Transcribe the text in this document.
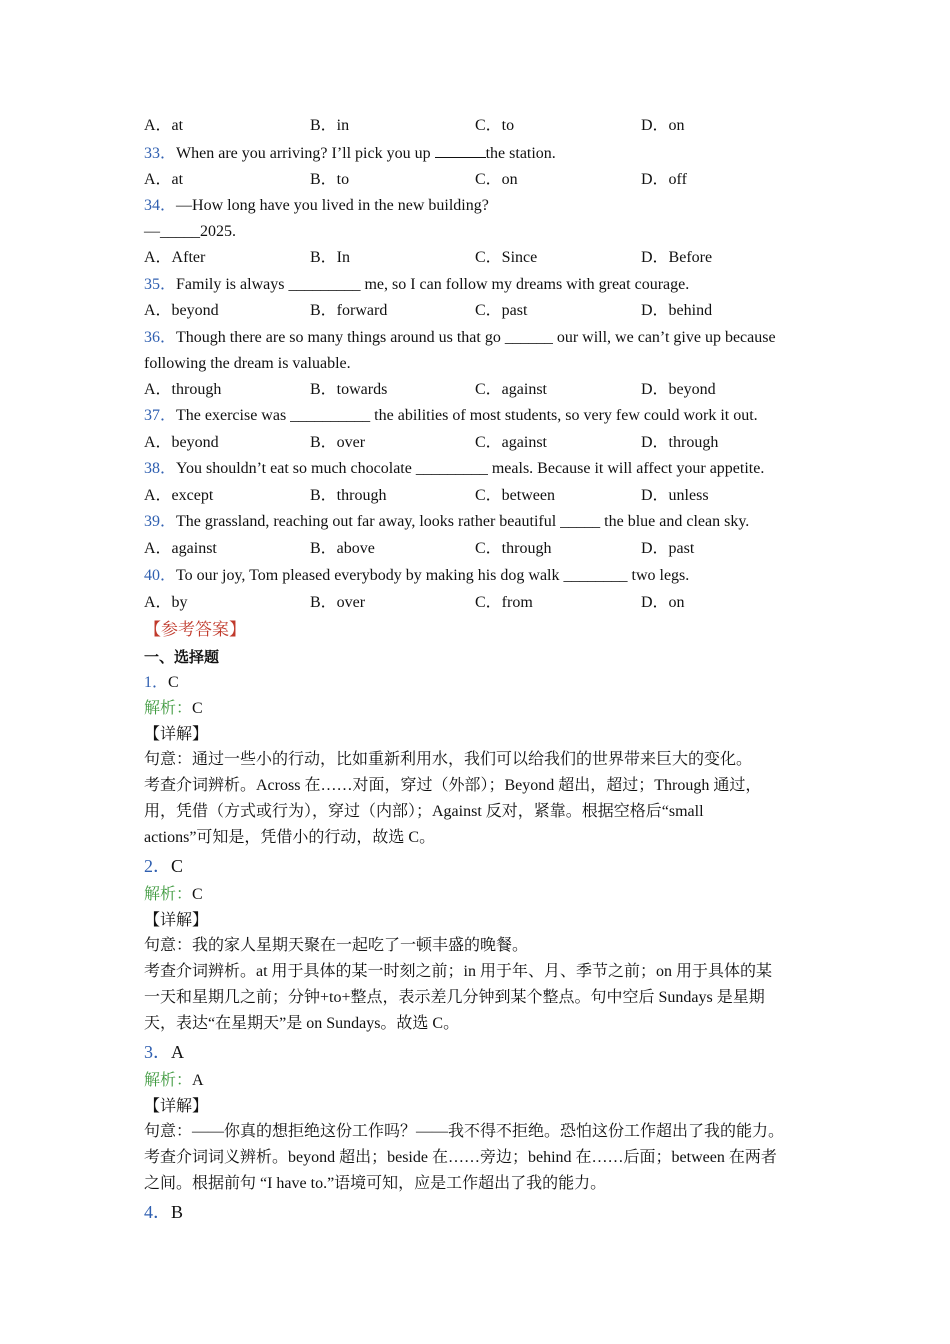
A．at	B．in	C．to	D．on
33．When are you arriving? I’ll pick you up	the station.
A．at	B．to	C．on	D．off
34．—How long have you lived in the new building?
—_____2025.
A．After	B．In	C．Since	D．Before
35．Family is always _________ me, so I can follow my dreams with great courage.
A．beyond	B．forward	C．past	D．behind
36．Though there are so many things around us that go ______ our will, we can’t give up because
following the dream is valuable.
A．through	B．towards	C．against	D．beyond
37．The exercise was __________ the abilities of most students, so very few could work it out.
A．beyond	B．over	C．against	D．through
38．You shouldn’t eat so much chocolate _________ meals. Because it will affect your appetite.
A．except	B．through	C．between	D．unless
39．The grassland, reaching out far away, looks rather beautiful _____ the blue and clean sky.
A．against	B．above	C．through	D．past
40．To our joy, Tom pleased everybody by making his dog walk ________ two legs.
A．by	B．over	C．from	D．on
【参考答案】
一、选择题
1．C
解析：C
【详解】
句意：通过一些小的行动，比如重新利用水，我们可以给我们的世界带来巨大的变化。
考查介词辨析。Across 在……对面，穿过（外部）；Beyond 超出，超过；Through 通过，
用，凭借（方式或行为），穿过（内部）；Against 反对，紧靠。根据空格后“small
actions”可知是，凭借小的行动，故选 C。
2．C
解析：C
【详解】
句意：我的家人星期天聚在一起吃了一顿丰盛的晚餐。
考查介词辨析。at 用于具体的某一时刻之前；in 用于年、月、季节之前；on 用于具体的某
一天和星期几之前；分钟+to+整点，表示差几分钟到某个整点。句中空后 Sundays 是星期
天，表达“在星期天”是 on Sundays。故选 C。
3．A
解析：A
【详解】
句意：——你真的想拒绝这份工作吗？——我不得不拒绝。恐怕这份工作超出了我的能力。
考查介词词义辨析。beyond 超出；beside 在……旁边；behind 在……后面；between 在两者
之间。根据前句 “I have to.”语境可知，应是工作超出了我的能力。
4．B
